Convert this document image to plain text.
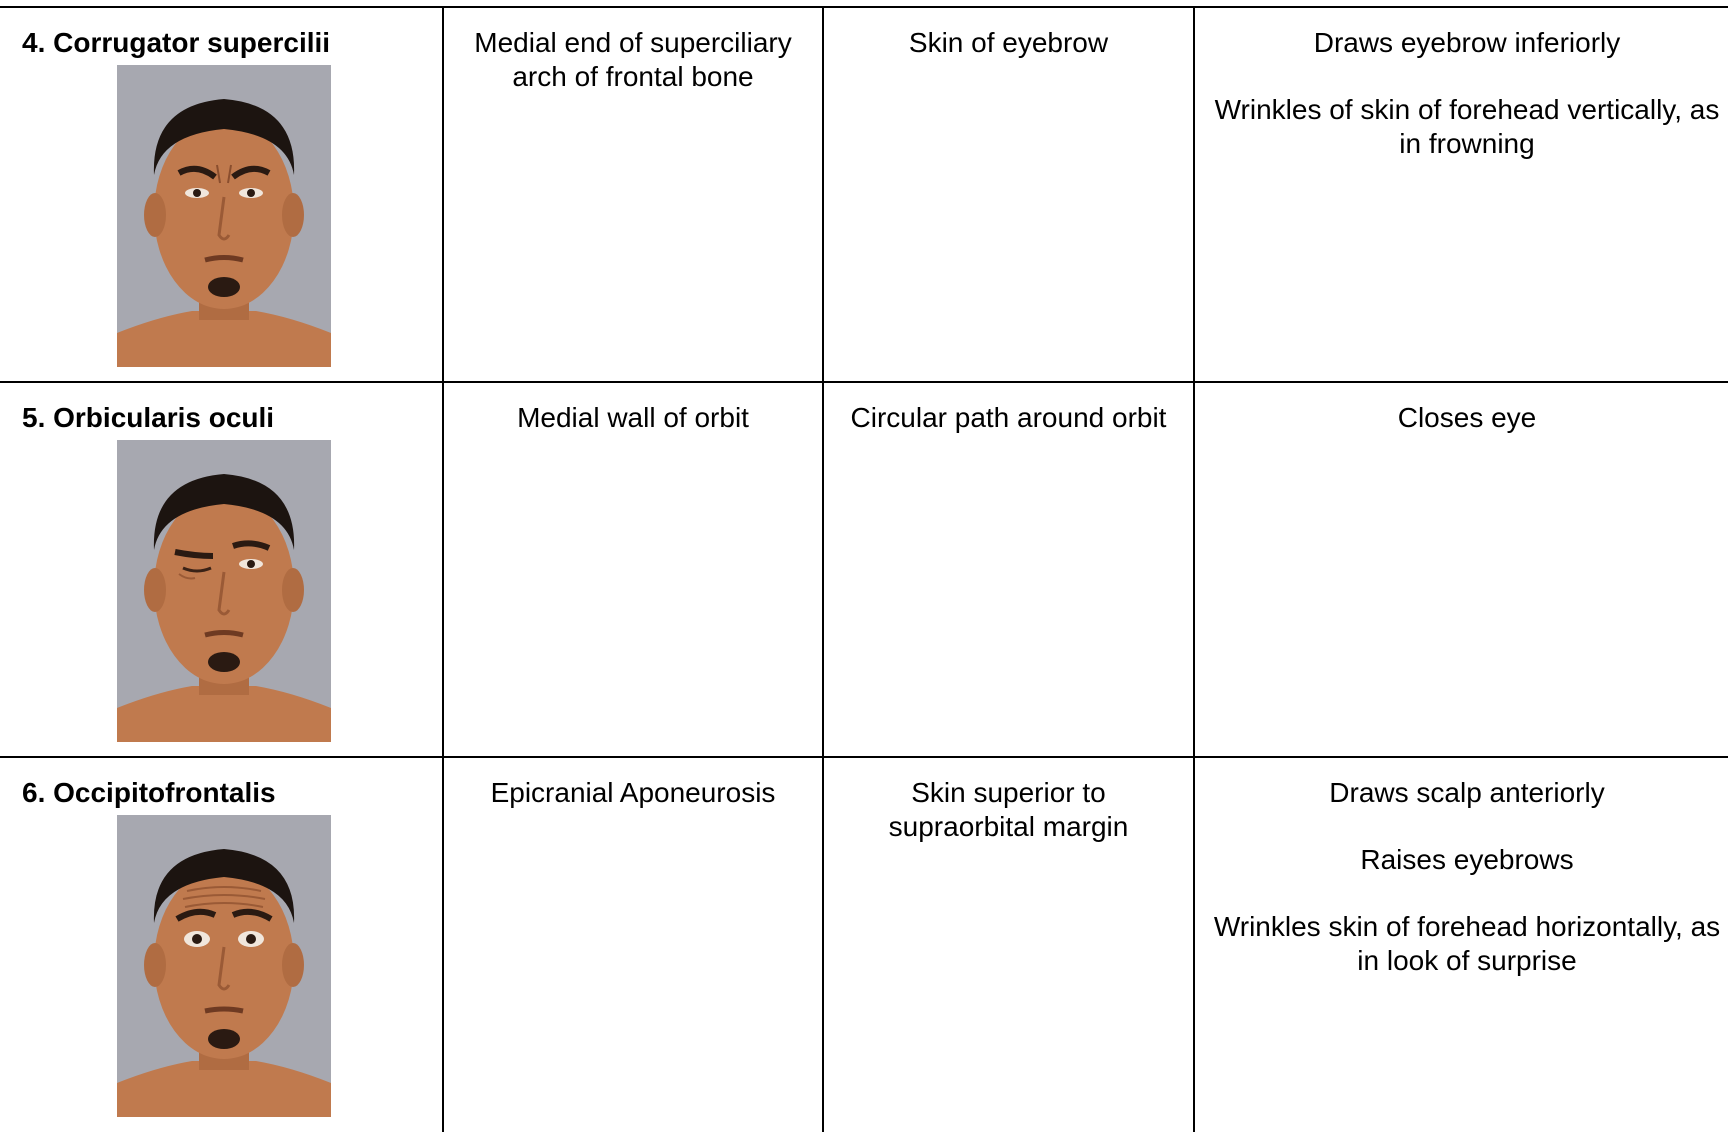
4. Corrugator supercilii	Medial end of superciliary arch of frontal bone	Skin of eyebrow	Draws eyebrow inferiorly

Wrinkles of skin of forehead vertically, as in frowning

5. Orbicularis oculi	Medial wall of orbit	Circular path around orbit	Closes eye

6. Occipitofrontalis	Epicranial Aponeurosis	Skin superior to supraorbital margin	Draws scalp anteriorly

Raises eyebrows

Wrinkles skin of forehead horizontally, as in look of surprise
